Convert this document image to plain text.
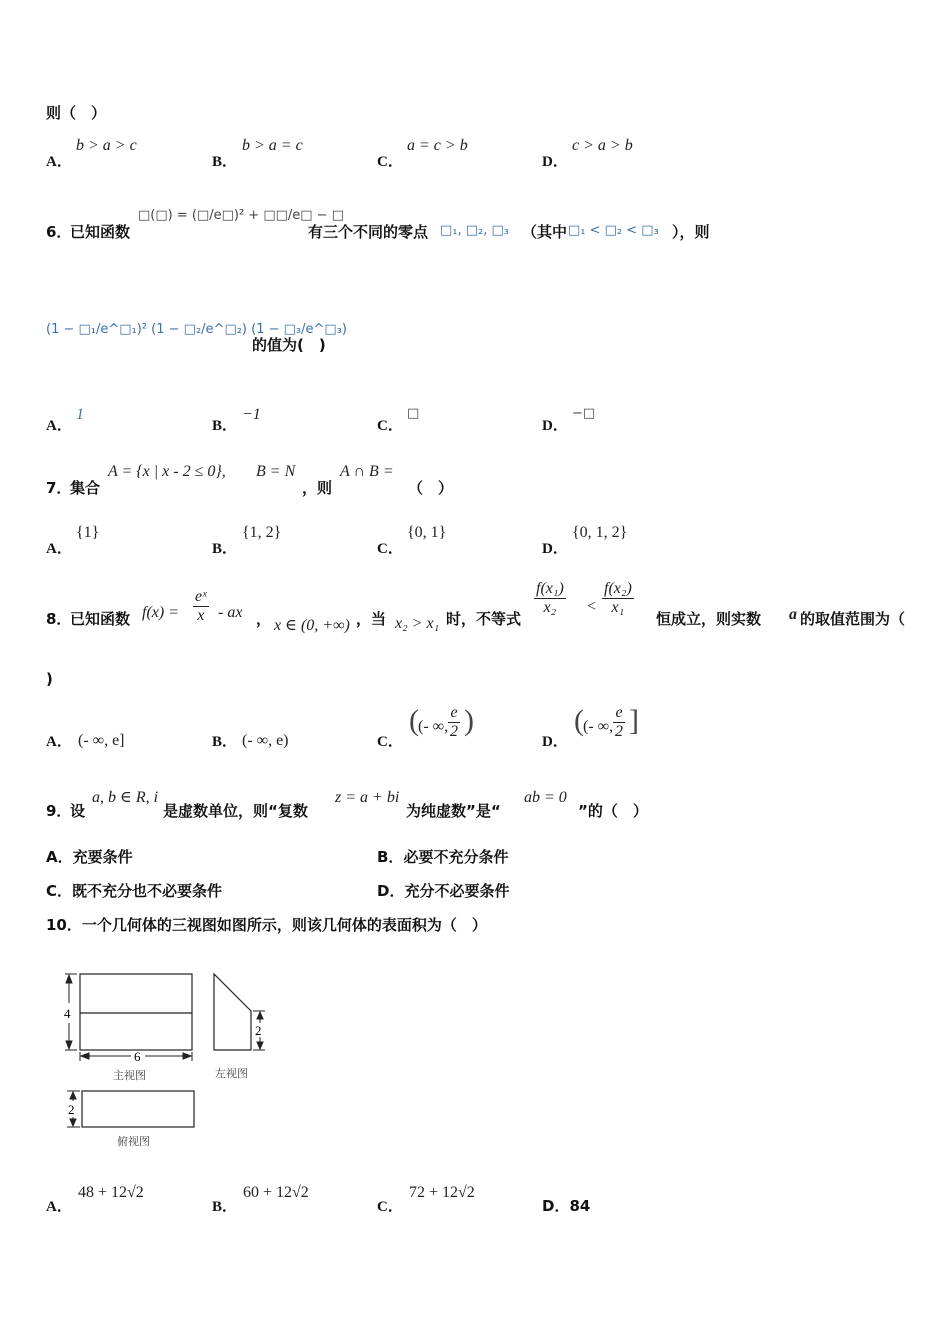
则（　）
A．
b > a > c
B．
b > a = c
C．
a = c > b
D．
c > a > b
6．
已知函数
□(□) = (□/e□)² + □□/e□ − □
有三个不同的零点 □₁, □₂, □₃ （其中 □₁ < □₂ < □₃ ），则
(1 − □₁/e^□₁)² (1 − □₂/e^□₂) (1 − □₃/e^□₃)
的值为(　)
A．
1
B．
−1
C．
□
D．
−□
7．
集合
A = {x | x - 2 ≤ 0}, B = N
，则
A ∩ B =
（　）
A．
{1}
B．
{1, 2}
C．
{0, 1}
D．
{0, 1, 2}
8．
已知函数 $f(x) = \frac{\text{eˣ}}{x}$ - ax ， x ∈ (0, +∞) ，当 x₂ > x₁ 时，不等式
$\frac{\text{f(x₁)}}{\text{x₂}} < \frac{\text{f(x₂)}}{\text{x₁}}$
恒成立，则实数 a 的取值范围为（
)
A． (- ∞, e]	B． (- ∞, e)	C．
( (- ∞, $\frac{e}{2}$ )
D．
( (- ∞, $\frac{e}{2}$ ]
9．
设
a, b ∈ R, i
是虚数单位，则“复数
z = a + bi
为纯虚数”是“
ab = 0
”的（　）
A．充要条件	B．必要不充分条件
C．既不充分也不必要条件	D．充分不必要条件
10．一个几何体的三视图如图所示，则该几何体的表面积为（　）
4
6
主视图
2
左视图
2
俯视图
A．
48 + 12√2
B．
60 + 12√2
C．
72 + 12√2
D．84
